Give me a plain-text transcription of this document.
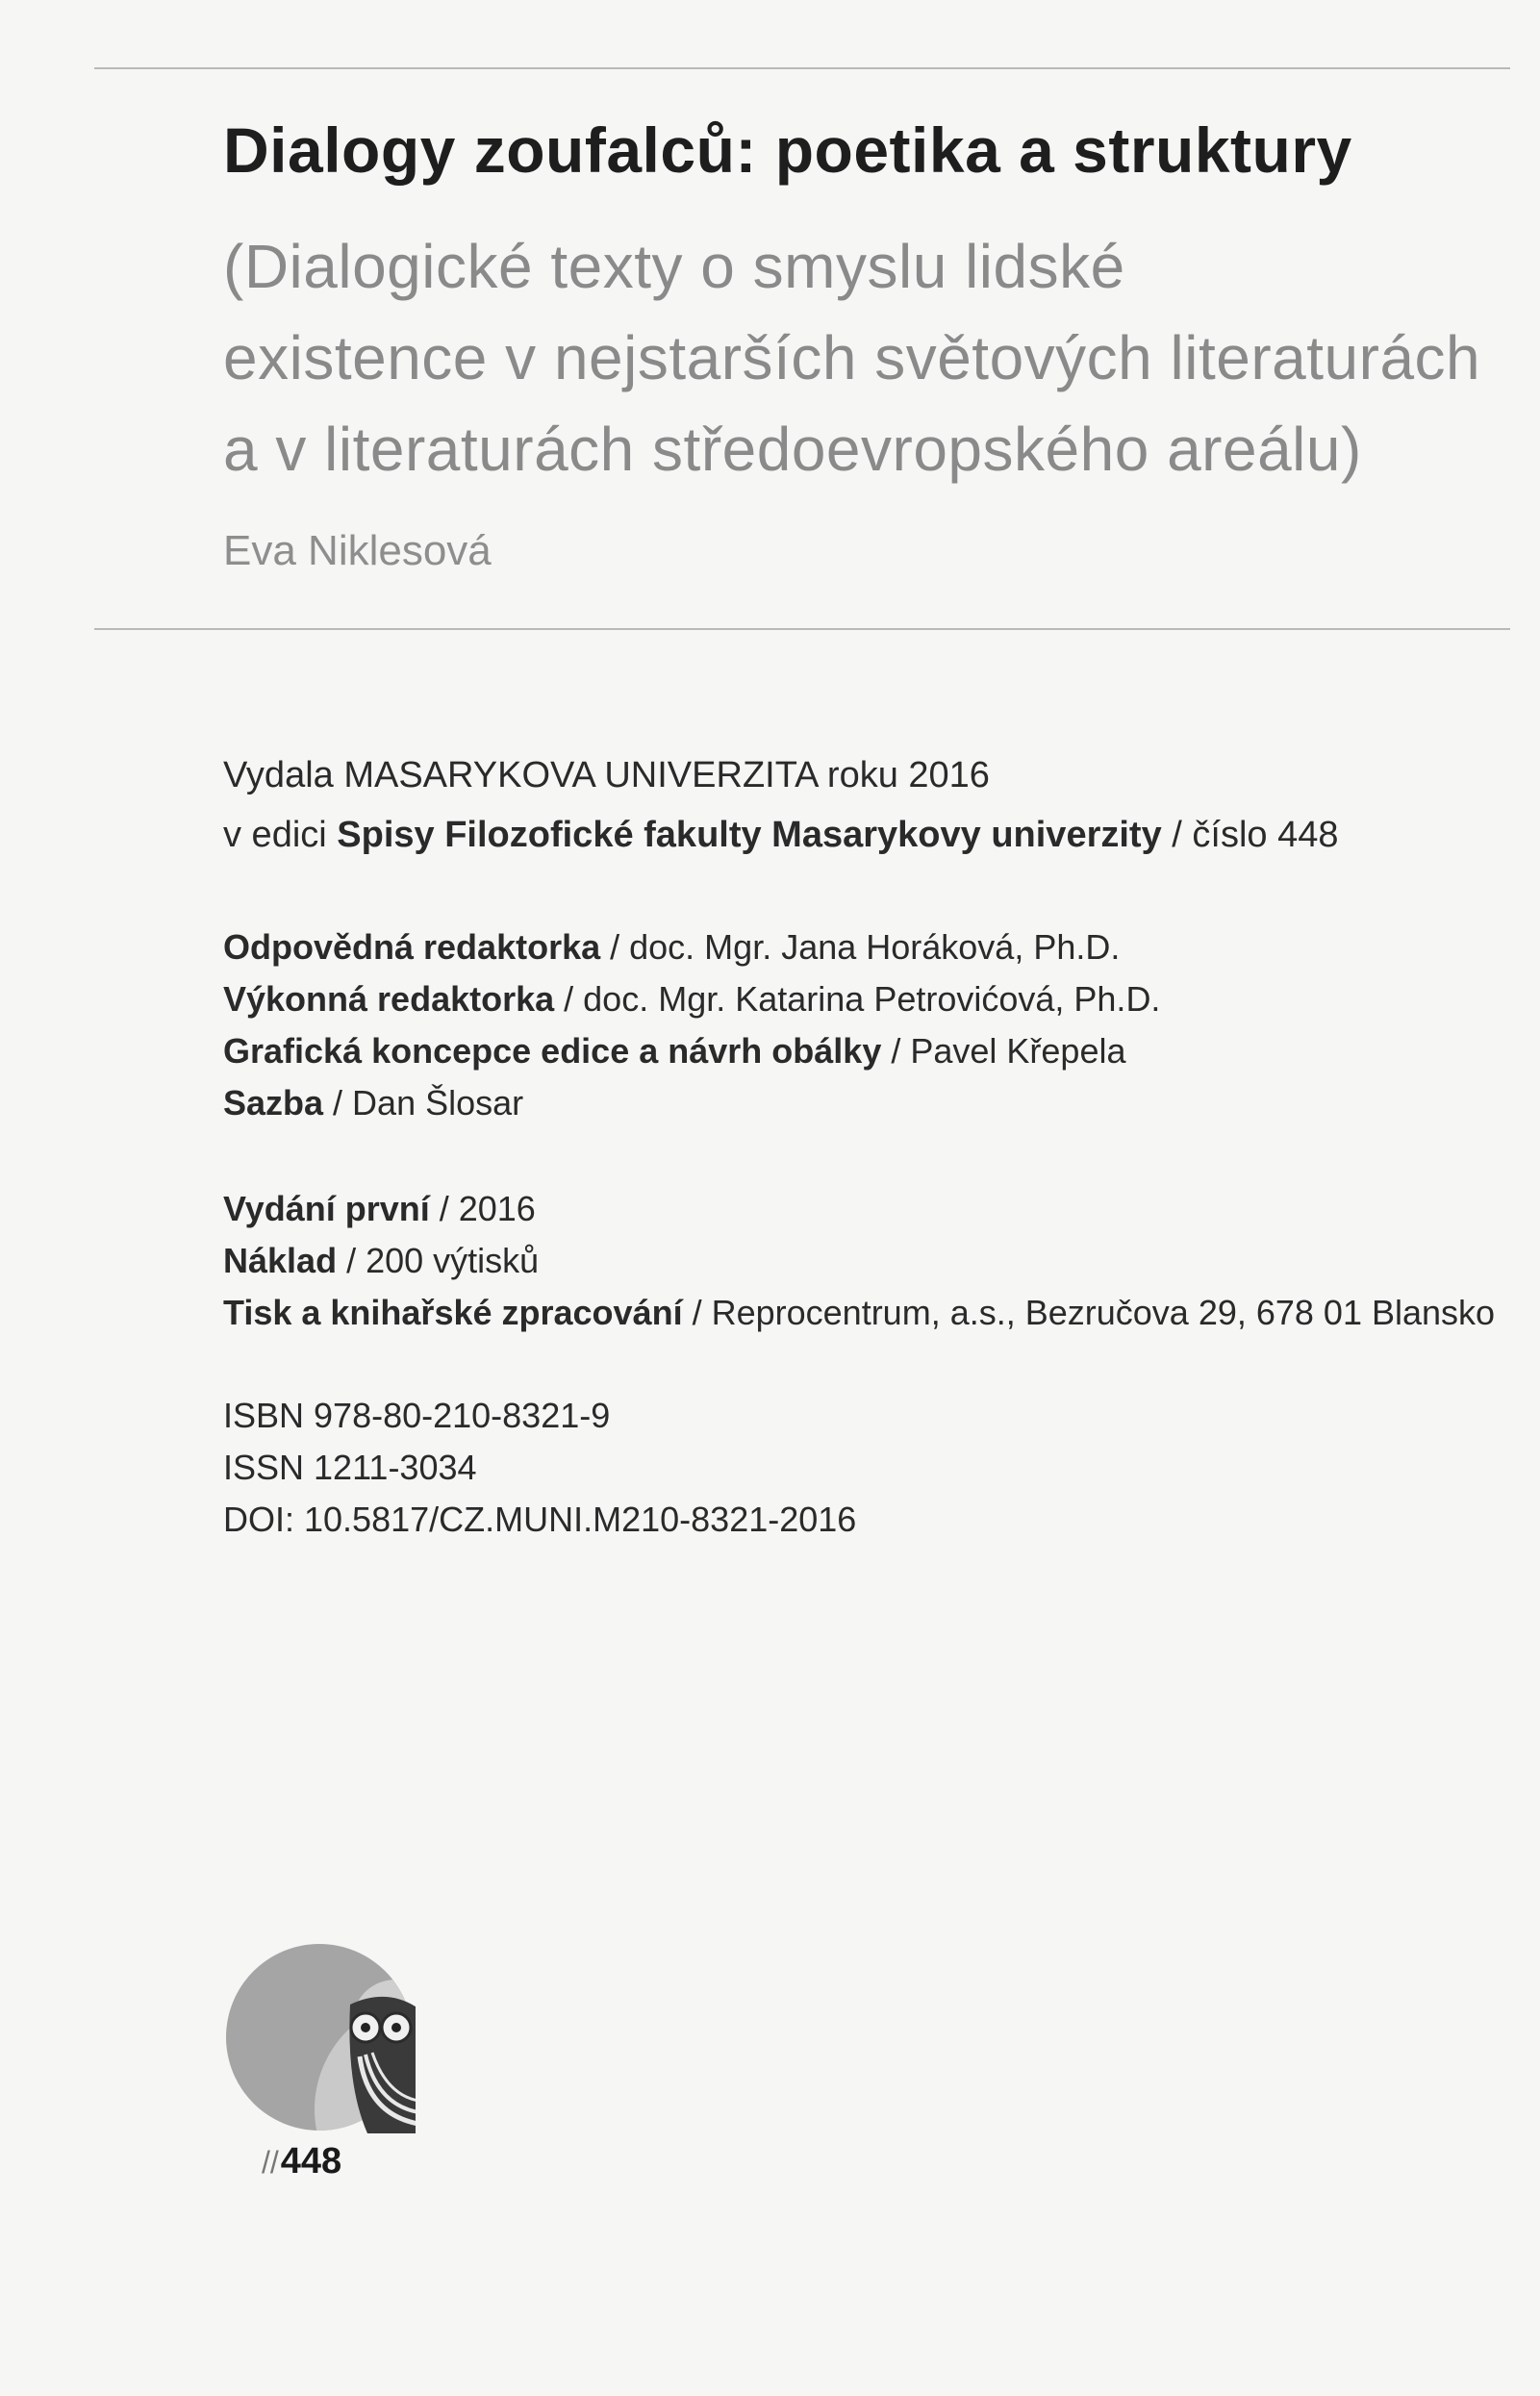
Dialogy zoufalců: poetika a struktury
(Dialogické texty o smyslu lidské
existence v nejstarších světových literaturách
a v literaturách středoevropského areálu)
Eva Niklesová
Vydala MASARYKOVA UNIVERZITA roku 2016
v edici Spisy Filozofické fakulty Masarykovy univerzity / číslo 448
Odpovědná redaktorka / doc. Mgr. Jana Horáková, Ph.D.
Výkonná redaktorka / doc. Mgr. Katarina Petrovićová, Ph.D.
Grafická koncepce edice a návrh obálky / Pavel Křepela
Sazba / Dan Šlosar
Vydání první / 2016
Náklad / 200 výtisků
Tisk a knihařské zpracování / Reprocentrum, a.s., Bezručova 29, 678 01 Blansko
ISBN 978-80-210-8321-9
ISSN 1211-3034
DOI: 10.5817/CZ.MUNI.M210-8321-2016
//448
